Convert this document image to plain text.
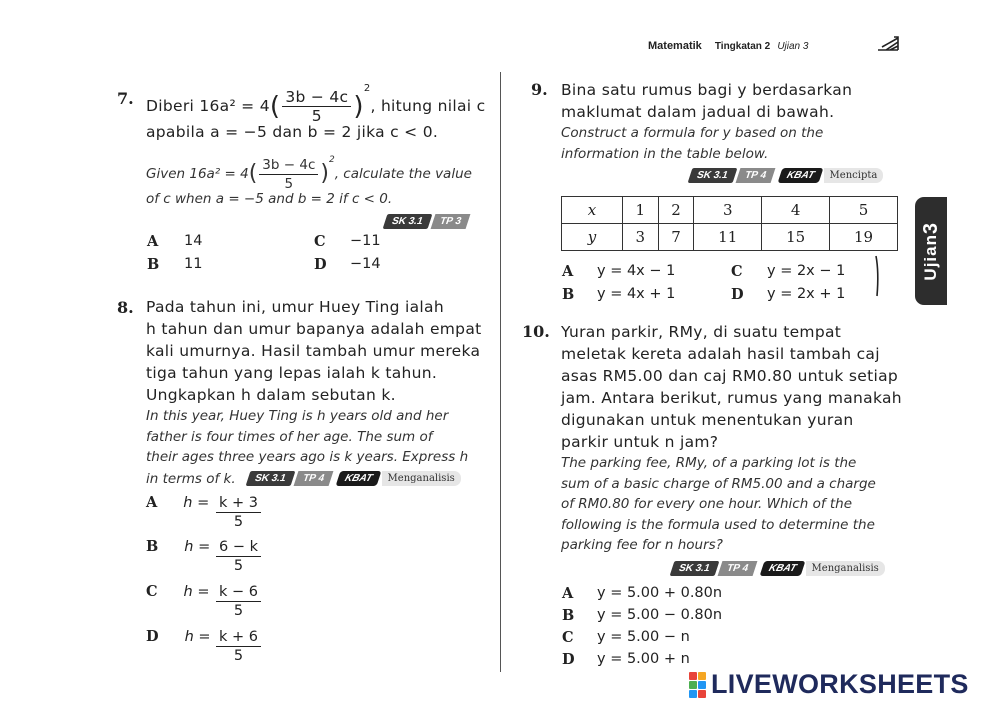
Matematik Tingkatan 2 Ujian 3
3
Ujian
7. Diberi $16a^2 = 4( \frac{3b - 4c}{5} )^2$, hitung nilai c
apabila a = −5 dan b = 2 jika c < 0.
Given $16a^2 = 4( \frac{3b - 4c}{5} )^2$, calculate the value
of c when a = −5 and b = 2 if c < 0.
SK 3.1	TP 3
A 14
B 11
C −11
D −14
8. Pada tahun ini, umur Huey Ting ialah
h tahun dan umur bapanya adalah empat
kali umurnya. Hasil tambah umur mereka
tiga tahun yang lepas ialah k tahun.
Ungkapkan h dalam sebutan k.
In this year, Huey Ting is h years old and her
father is four times of her age. The sum of
their ages three years ago is k years. Express h
in terms of k.	SK 3.1	TP 4	KBAT	Menganalisis
A $h = \frac{k + 3}{5}$
B $h = \frac{6 - k}{5}$
C $h = \frac{k - 6}{5}$
D $h = \frac{k + 6}{5}$
9. Bina satu rumus bagi y berdasarkan
maklumat dalam jadual di bawah.
Construct a formula for y based on the
information in the table below.
SK 3.1	TP 4	KBAT	Mencipta
x	1	2	3	4	5
y	3	7	11	15	19
A y = 4x − 1
B y = 4x + 1
C y = 2x − 1
D y = 2x + 1
10. Yuran parkir, RMy, di suatu tempat
meletak kereta adalah hasil tambah caj
asas RM5.00 dan caj RM0.80 untuk setiap
jam. Antara berikut, rumus yang manakah
digunakan untuk menentukan yuran
parkir untuk n jam?
The parking fee, RMy, of a parking lot is the
sum of a basic charge of RM5.00 and a charge
of RM0.80 for every one hour. Which of the
following is the formula used to determine the
parking fee for n hours?
SK 3.1	TP 4	KBAT	Menganalisis
A y = 5.00 + 0.80n
B y = 5.00 − 0.80n
C y = 5.00 − n
D y = 5.00 + n
LIVEWORKSHEETS
